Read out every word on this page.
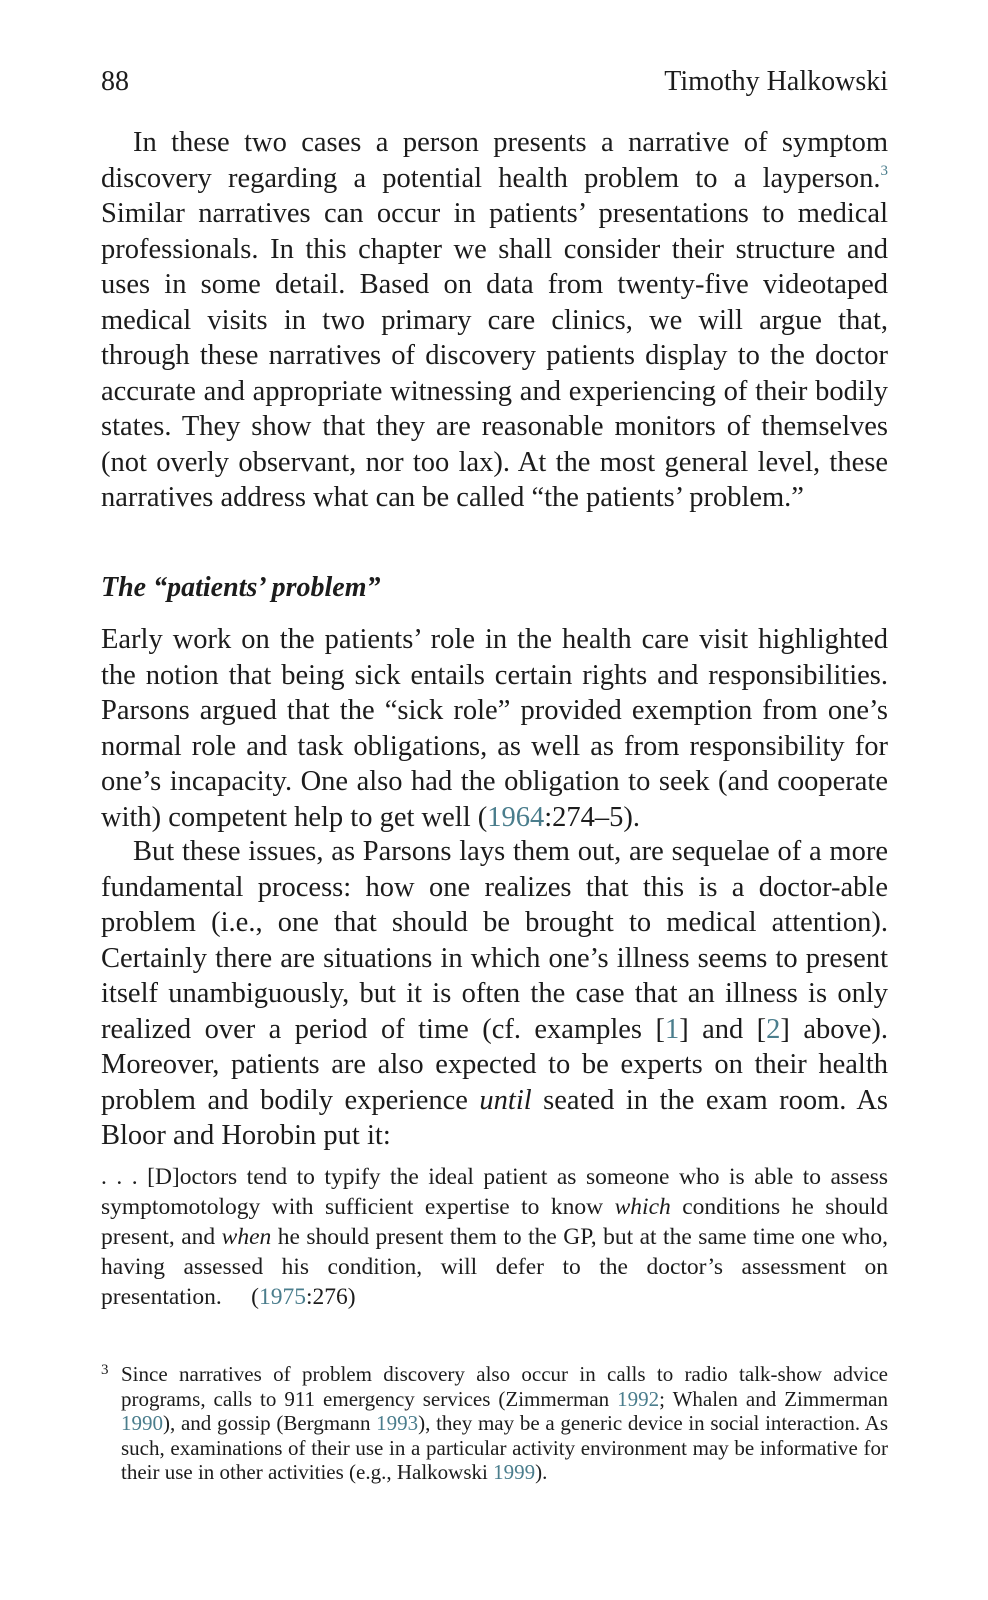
88	Timothy Halkowski

In these two cases a person presents a narrative of symptom discovery regarding a potential health problem to a layperson.$^3$ Similar narratives can occur in patients’ presentations to medical professionals. In this chapter we shall consider their structure and uses in some detail. Based on data from twenty-five videotaped medical visits in two primary care clinics, we will argue that, through these narratives of discovery patients display to the doctor accurate and appropriate witnessing and experiencing of their bodily states. They show that they are reasonable monitors of themselves (not overly observant, nor too lax). At the most general level, these narratives address what can be called “the patients’ problem.”

The “patients’ problem”

Early work on the patients’ role in the health care visit highlighted the notion that being sick entails certain rights and responsibilities. Parsons argued that the “sick role” provided exemption from one’s normal role and task obligations, as well as from responsibility for one’s incapacity. One also had the obligation to seek (and cooperate with) competent help to get well (1964:274–5).

But these issues, as Parsons lays them out, are sequelae of a more fundamental process: how one realizes that this is a doctor-able problem (i.e., one that should be brought to medical attention). Certainly there are situations in which one’s illness seems to present itself unambiguously, but it is often the case that an illness is only realized over a period of time (cf. examples [1] and [2] above). Moreover, patients are also expected to be experts on their health problem and bodily experience until seated in the exam room. As Bloor and Horobin put it:

. . . [D]octors tend to typify the ideal patient as someone who is able to assess symptomotology with sufficient expertise to know which conditions he should present, and when he should present them to the GP, but at the same time one who, having assessed his condition, will defer to the doctor’s assessment on presentation. (1975:276)

3 Since narratives of problem discovery also occur in calls to radio talk-show advice programs, calls to 911 emergency services (Zimmerman 1992; Whalen and Zimmerman 1990), and gossip (Bergmann 1993), they may be a generic device in social interaction. As such, examinations of their use in a particular activity environment may be informative for their use in other activities (e.g., Halkowski 1999).
